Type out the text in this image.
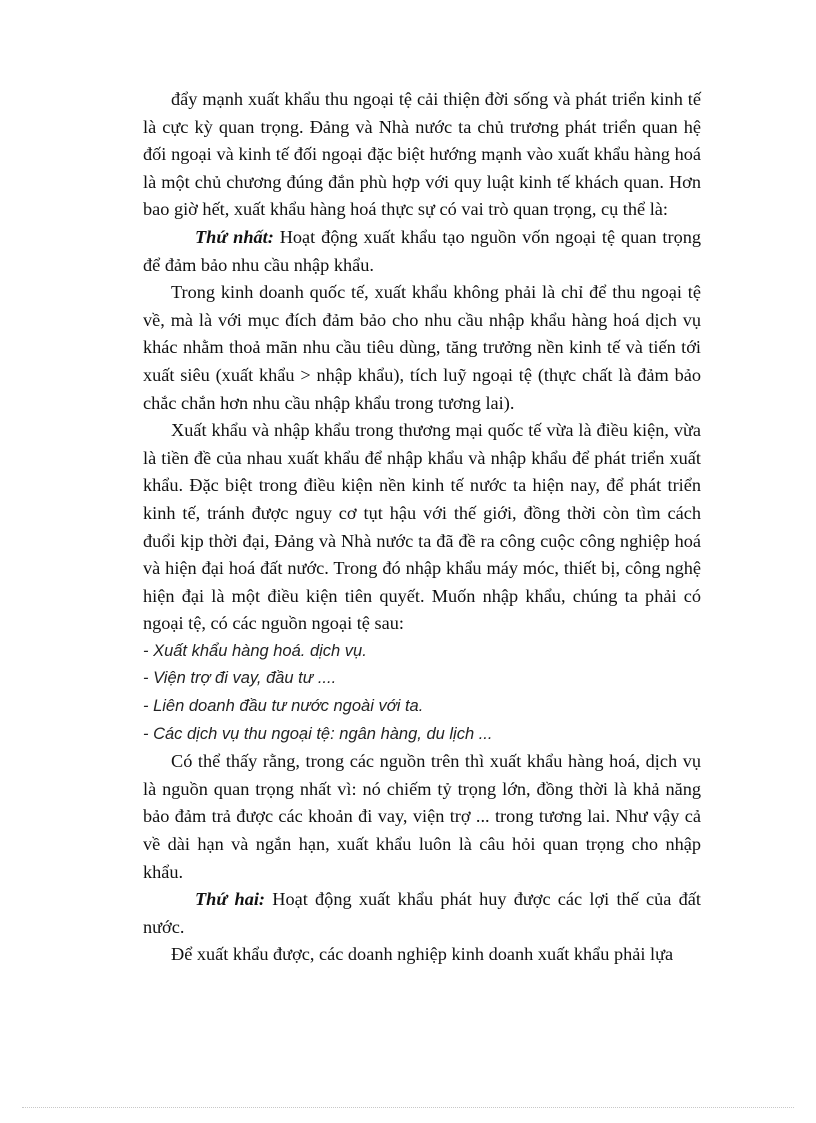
đẩy mạnh xuất khẩu thu ngoại tệ cải thiện đời sống và phát triển kinh tế là cực kỳ quan trọng. Đảng và Nhà nước ta chủ trương phát triển quan hệ đối ngoại và kinh tế đối ngoại đặc biệt hướng mạnh vào xuất khẩu hàng hoá là một chủ chương đúng đắn phù hợp với quy luật kinh tế khách quan. Hơn bao giờ hết, xuất khẩu hàng hoá thực sự có vai trò quan trọng, cụ thể là:

Thứ nhất: Hoạt động xuất khẩu tạo nguồn vốn ngoại tệ quan trọng để đảm bảo nhu cầu nhập khẩu.

Trong kinh doanh quốc tế, xuất khẩu không phải là chỉ để thu ngoại tệ về, mà là với mục đích đảm bảo cho nhu cầu nhập khẩu hàng hoá dịch vụ khác nhằm thoả mãn nhu cầu tiêu dùng, tăng trưởng nền kinh tế và tiến tới xuất siêu (xuất khẩu > nhập khẩu), tích luỹ ngoại tệ (thực chất là đảm bảo chắc chắn hơn nhu cầu nhập khẩu trong tương lai).

Xuất khẩu và nhập khẩu trong thương mại quốc tế vừa là điều kiện, vừa là tiền đề của nhau xuất khẩu để nhập khẩu và nhập khẩu để phát triển xuất khẩu. Đặc biệt trong điều kiện nền kinh tế nước ta hiện nay, để phát triển kinh tế, tránh được nguy cơ tụt hậu với thế giới, đồng thời còn tìm cách đuổi kịp thời đại, Đảng và Nhà nước ta đã đề ra công cuộc công nghiệp hoá và hiện đại hoá đất nước. Trong đó nhập khẩu máy móc, thiết bị, công nghệ hiện đại là một điều kiện tiên quyết. Muốn nhập khẩu, chúng ta phải có ngoại tệ, có các nguồn ngoại tệ sau:

- Xuất khẩu hàng hoá. dịch vụ.

- Viện trợ đi vay, đầu tư ....

- Liên doanh đầu tư nước ngoài với ta.

- Các dịch vụ thu ngoại tệ: ngân hàng, du lịch ...

Có thể thấy rằng, trong các nguồn trên thì xuất khẩu hàng hoá, dịch vụ là nguồn quan trọng nhất vì: nó chiếm tỷ trọng lớn, đồng thời là khả năng bảo đảm trả được các khoản đi vay, viện trợ ... trong tương lai. Như vậy cả về dài hạn và ngắn hạn, xuất khẩu luôn là câu hỏi quan trọng cho nhập khẩu.

Thứ hai: Hoạt động xuất khẩu phát huy được các lợi thế của đất nước.

Để xuất khẩu được, các doanh nghiệp kinh doanh xuất khẩu phải lựa
